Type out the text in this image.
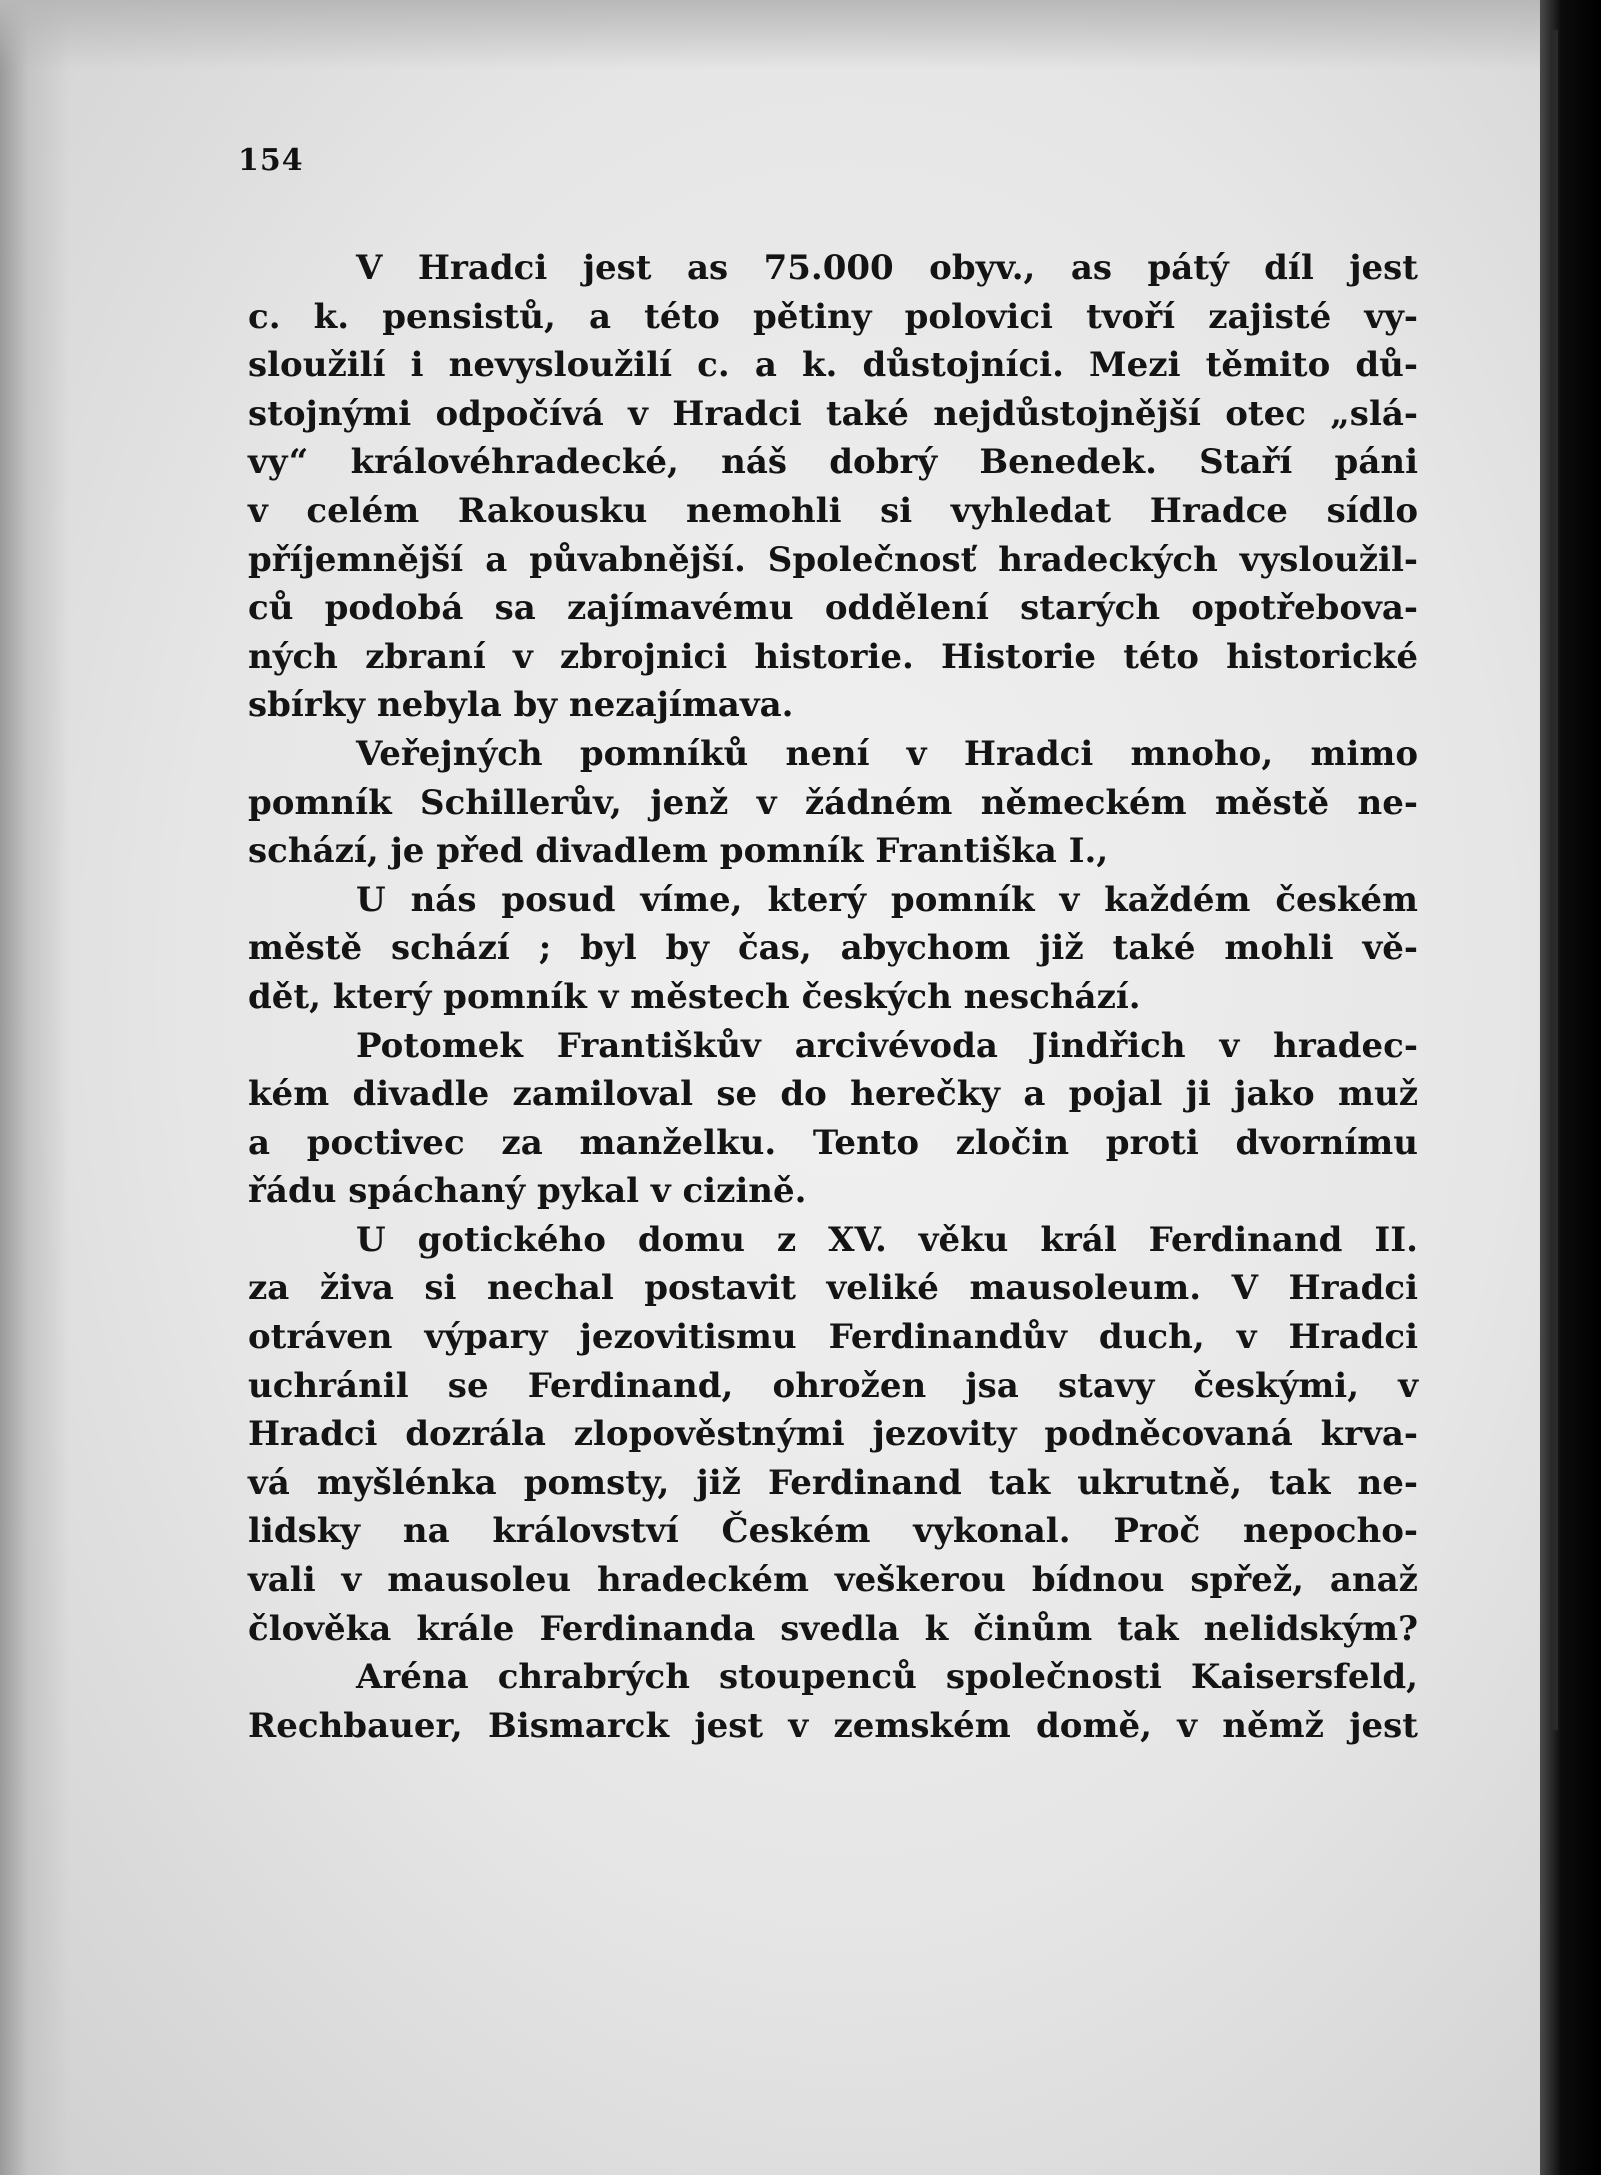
154
V Hradci jest as 75.000 obyv., as pátý díl jest
c. k. pensistů, a této pětiny polovici tvoří zajisté vy-
sloužilí i nevysloužilí c. a k. důstojníci. Mezi těmito dů-
stojnými odpočívá v Hradci také nejdůstojnější otec „slá-
vy“ královéhradecké, náš dobrý Benedek. Staří páni
v celém Rakousku nemohli si vyhledat Hradce sídlo
příjemnější a půvabnější. Společnosť hradeckých vysloužil-
ců podobá sa zajímavému oddělení starých opotřebova-
ných zbraní v zbrojnici historie. Historie této historické
sbírky nebyla by nezajímava.
Veřejných pomníků není v Hradci mnoho, mimo
pomník Schillerův, jenž v žádném německém městě ne-
schází, je před divadlem pomník Františka I.,
U nás posud víme, který pomník v každém českém
městě schází ; byl by čas, abychom již také mohli vě-
dět, který pomník v městech českých neschází.
Potomek Františkův arcivévoda Jindřich v hradec-
kém divadle zamiloval se do herečky a pojal ji jako muž
a poctivec za manželku. Tento zločin proti dvornímu
řádu spáchaný pykal v cizině.
U gotického domu z XV. věku král Ferdinand II.
za živa si nechal postavit veliké mausoleum. V Hradci
otráven výpary jezovitismu Ferdinandův duch, v Hradci
uchránil se Ferdinand, ohrožen jsa stavy českými, v
Hradci dozrála zlopověstnými jezovity podněcovaná krva-
vá myšlénka pomsty, již Ferdinand tak ukrutně, tak ne-
lidsky na království Českém vykonal. Proč nepocho-
vali v mausoleu hradeckém veškerou bídnou spřež, anaž
člověka krále Ferdinanda svedla k činům tak nelidským?
Aréna chrabrých stoupenců společnosti Kaisersfeld,
Rechbauer, Bismarck jest v zemském domě, v němž jest
